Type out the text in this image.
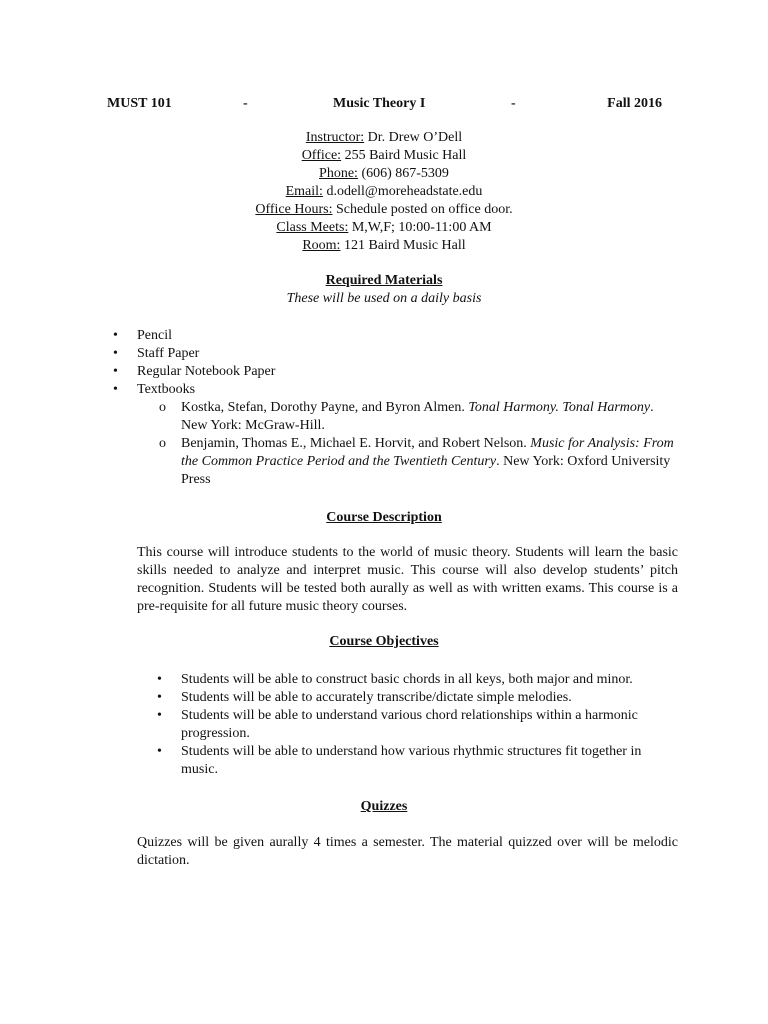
MUST 101	-	Music Theory I	-	Fall 2016
Instructor: Dr. Drew O’Dell
Office: 255 Baird Music Hall
Phone: (606) 867-5309
Email: d.odell@moreheadstate.edu
Office Hours: Schedule posted on office door.
Class Meets: M,W,F; 10:00-11:00 AM
Room: 121 Baird Music Hall
Required Materials
These will be used on a daily basis
• Pencil
• Staff Paper
• Regular Notebook Paper
• Textbooks
o Kostka, Stefan, Dorothy Payne, and Byron Almen. Tonal Harmony. Tonal Harmony. New York: McGraw-Hill.
o Benjamin, Thomas E., Michael E. Horvit, and Robert Nelson. Music for Analysis: From the Common Practice Period and the Twentieth Century. New York: Oxford University Press
Course Description
This course will introduce students to the world of music theory. Students will learn the basic skills needed to analyze and interpret music. This course will also develop students’ pitch recognition. Students will be tested both aurally as well as with written exams. This course is a pre-requisite for all future music theory courses.
Course Objectives
• Students will be able to construct basic chords in all keys, both major and minor.
• Students will be able to accurately transcribe/dictate simple melodies.
• Students will be able to understand various chord relationships within a harmonic progression.
• Students will be able to understand how various rhythmic structures fit together in music.
Quizzes
Quizzes will be given aurally 4 times a semester. The material quizzed over will be melodic dictation.
